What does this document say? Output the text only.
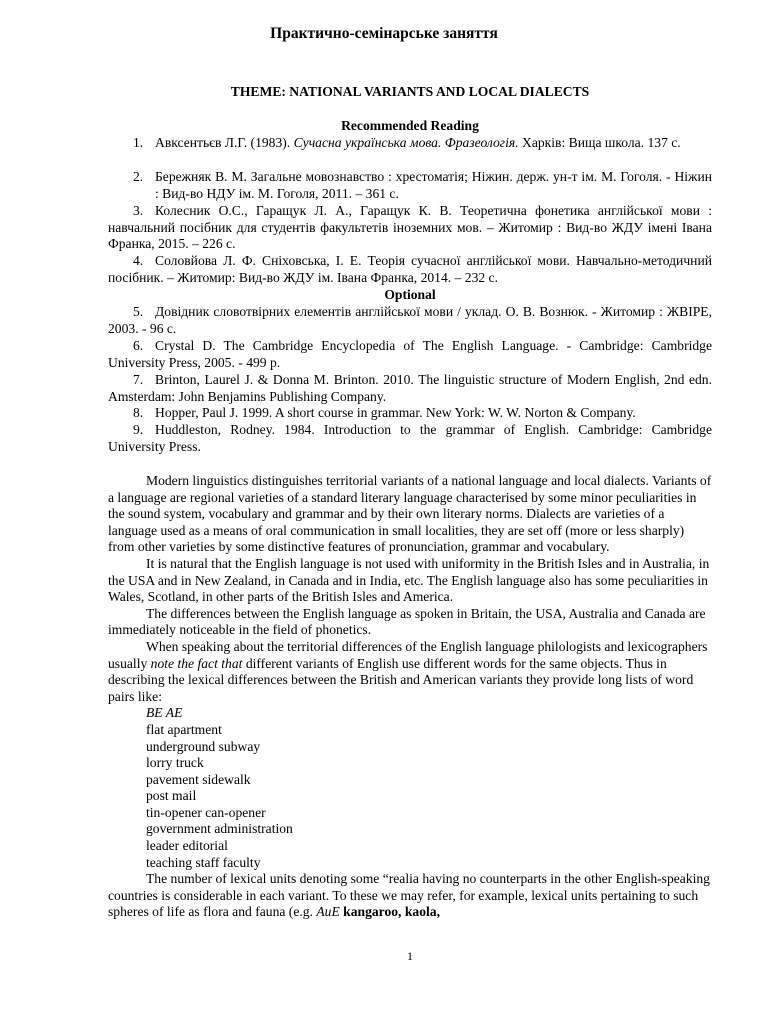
Практично-семінарське заняття
THEME: NATIONAL VARIANTS AND LOCAL DIALECTS
Recommended Reading
1. Авксентьєв Л.Г. (1983). Сучасна українська мова. Фразеологія. Харків: Вища школа. 137 с.
2. Бережняк В. М. Загальне мовознавство : хрестоматія; Ніжин. держ. ун-т ім. М. Гоголя. - Ніжин : Вид-во НДУ ім. М. Гоголя, 2011. – 361 с.
3. Колесник О.С., Гаращук Л. А., Гаращук К. В. Теоретична фонетика англійської мови : навчальний посібник для студентів факультетів іноземних мов. – Житомир : Вид-во ЖДУ імені Івана Франка, 2015. – 226 с.
4. Соловйова Л. Ф. Сніховська, І. Е. Теорія сучасної англійської мови. Навчально-методичний посібник. – Житомир: Вид-во ЖДУ ім. Івана Франка, 2014. – 232 с.
Optional
5. Довідник словотвірних елементів англійської мови / уклад. О. В. Вознюк. - Житомир : ЖВІРЕ, 2003. - 96 с.
6. Crystal D. The Cambridge Encyclopedia of The English Language. - Cambridge: Cambridge University Press, 2005. - 499 p.
7. Brinton, Laurel J. & Donna M. Brinton. 2010. The linguistic structure of Modern English, 2nd edn. Amsterdam: John Benjamins Publishing Company.
8. Hopper, Paul J. 1999. A short course in grammar. New York: W. W. Norton & Company.
9. Huddleston, Rodney. 1984. Introduction to the grammar of English. Cambridge: Cambridge University Press.

Modern linguistics distinguishes territorial variants of a national language and local dialects. Variants of a language are regional varieties of a standard literary language characterised by some minor peculiarities in the sound system, vocabulary and grammar and by their own literary norms. Dialects are varieties of a language used as a means of oral communication in small localities, they are set off (more or less sharply) from other varieties by some distinctive features of pronunciation, grammar and vocabulary.

It is natural that the English language is not used with uniformity in the British Isles and in Australia, in the USA and in New Zealand, in Canada and in India, etc. The English language also has some peculiarities in Wales, Scotland, in other parts of the British Isles and America.

The differences between the English language as spoken in Britain, the USA, Australia and Canada are immediately noticeable in the field of phonetics.

When speaking about the territorial differences of the English language philologists and lexicographers usually note the fact that different variants of English use different words for the same objects. Thus in describing the lexical differences between the British and American variants they provide long lists of word pairs like:

BE AE

flat apartment

underground subway

lorry truck

pavement sidewalk

post mail

tin-opener can-opener

government administration

leader editorial

teaching staff faculty

The number of lexical units denoting some “realia having no counterparts in the other English-speaking countries is considerable in each variant. To these we may refer, for example, lexical units pertaining to such spheres of life as flora and fauna (e.g. AuE kangaroo, kaola,

1
